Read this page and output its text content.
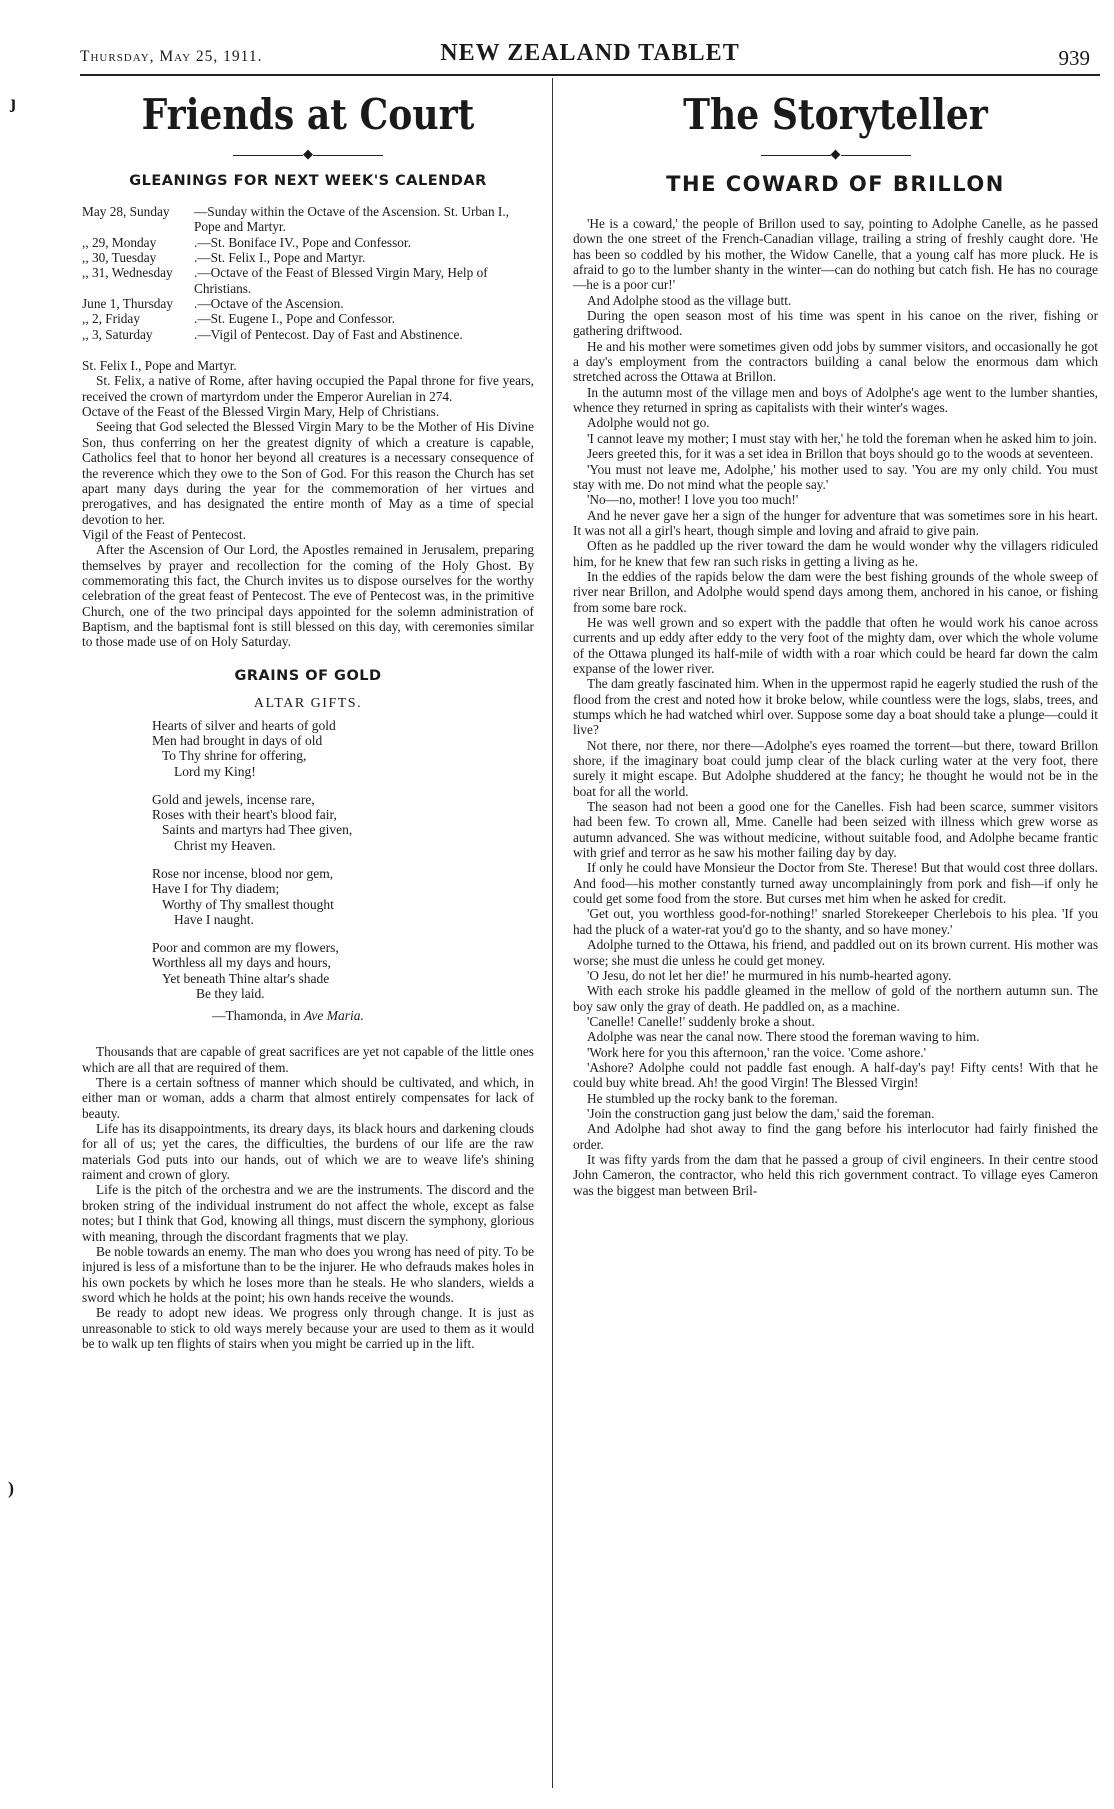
Thursday, May 25, 1911.	NEW ZEALAND TABLET	939
ȷ
)
Friends at Court
◆
GLEANINGS FOR NEXT WEEK'S CALENDAR
May 28, Sunday	—Sunday within the Octave of the Ascension. St. Urban I., Pope and Martyr.
,, 29, Monday	.—St. Boniface IV., Pope and Confessor.
,, 30, Tuesday	.—St. Felix I., Pope and Martyr.
,, 31, Wednesday	.—Octave of the Feast of Blessed Virgin Mary, Help of Christians.
June 1, Thursday	.—Octave of the Ascension.
,, 2, Friday	.—St. Eugene I., Pope and Confessor.
,, 3, Saturday	.—Vigil of Pentecost. Day of Fast and Abstinence.

St. Felix I., Pope and Martyr.

St. Felix, a native of Rome, after having occupied the Papal throne for five years, received the crown of martyrdom under the Emperor Aurelian in 274.

Octave of the Feast of the Blessed Virgin Mary, Help of Christians.

Seeing that God selected the Blessed Virgin Mary to be the Mother of His Divine Son, thus conferring on her the greatest dignity of which a creature is capable, Catholics feel that to honor her beyond all creatures is a necessary consequence of the reverence which they owe to the Son of God. For this reason the Church has set apart many days during the year for the commemoration of her virtues and prerogatives, and has designated the entire month of May as a time of special devotion to her.

Vigil of the Feast of Pentecost.

After the Ascension of Our Lord, the Apostles remained in Jerusalem, preparing themselves by prayer and recollection for the coming of the Holy Ghost. By commemorating this fact, the Church invites us to dispose ourselves for the worthy celebration of the great feast of Pentecost. The eve of Pentecost was, in the primitive Church, one of the two principal days appointed for the solemn administration of Baptism, and the baptismal font is still blessed on this day, with ceremonies similar to those made use of on Holy Saturday.

GRAINS OF GOLD
ALTAR GIFTS.
Hearts of silver and hearts of gold
Men had brought in days of old
To Thy shrine for offering,
Lord my King!
Gold and jewels, incense rare,
Roses with their heart's blood fair,
Saints and martyrs had Thee given,
Christ my Heaven.
Rose nor incense, blood nor gem,
Have I for Thy diadem;
Worthy of Thy smallest thought
Have I naught.
Poor and common are my flowers,
Worthless all my days and hours,
Yet beneath Thine altar's shade
Be they laid.
—Thamonda, in Ave Maria.

Thousands that are capable of great sacrifices are yet not capable of the little ones which are all that are required of them.

There is a certain softness of manner which should be cultivated, and which, in either man or woman, adds a charm that almost entirely compensates for lack of beauty.

Life has its disappointments, its dreary days, its black hours and darkening clouds for all of us; yet the cares, the difficulties, the burdens of our life are the raw materials God puts into our hands, out of which we are to weave life's shining raiment and crown of glory.

Life is the pitch of the orchestra and we are the instruments. The discord and the broken string of the individual instrument do not affect the whole, except as false notes; but I think that God, knowing all things, must discern the symphony, glorious with meaning, through the discordant fragments that we play.

Be noble towards an enemy. The man who does you wrong has need of pity. To be injured is less of a misfortune than to be the injurer. He who defrauds makes holes in his own pockets by which he loses more than he steals. He who slanders, wields a sword which he holds at the point; his own hands receive the wounds.

Be ready to adopt new ideas. We progress only through change. It is just as unreasonable to stick to old ways merely because your are used to them as it would be to walk up ten flights of stairs when you might be carried up in the lift.

The Storyteller
◆
THE COWARD OF BRILLON

'He is a coward,' the people of Brillon used to say, pointing to Adolphe Canelle, as he passed down the one street of the French-Canadian village, trailing a string of freshly caught dore. 'He has been so coddled by his mother, the Widow Canelle, that a young calf has more pluck. He is afraid to go to the lumber shanty in the winter—can do nothing but catch fish. He has no courage—he is a poor cur!'

And Adolphe stood as the village butt.

During the open season most of his time was spent in his canoe on the river, fishing or gathering driftwood.

He and his mother were sometimes given odd jobs by summer visitors, and occasionally he got a day's employment from the contractors building a canal below the enormous dam which stretched across the Ottawa at Brillon.

In the autumn most of the village men and boys of Adolphe's age went to the lumber shanties, whence they returned in spring as capitalists with their winter's wages.

Adolphe would not go.

'I cannot leave my mother; I must stay with her,' he told the foreman when he asked him to join.

Jeers greeted this, for it was a set idea in Brillon that boys should go to the woods at seventeen.

'You must not leave me, Adolphe,' his mother used to say. 'You are my only child. You must stay with me. Do not mind what the people say.'

'No—no, mother! I love you too much!'

And he never gave her a sign of the hunger for adventure that was sometimes sore in his heart. It was not all a girl's heart, though simple and loving and afraid to give pain.

Often as he paddled up the river toward the dam he would wonder why the villagers ridiculed him, for he knew that few ran such risks in getting a living as he.

In the eddies of the rapids below the dam were the best fishing grounds of the whole sweep of river near Brillon, and Adolphe would spend days among them, anchored in his canoe, or fishing from some bare rock.

He was well grown and so expert with the paddle that often he would work his canoe across currents and up eddy after eddy to the very foot of the mighty dam, over which the whole volume of the Ottawa plunged its half-mile of width with a roar which could be heard far down the calm expanse of the lower river.

The dam greatly fascinated him. When in the uppermost rapid he eagerly studied the rush of the flood from the crest and noted how it broke below, while countless were the logs, slabs, trees, and stumps which he had watched whirl over. Suppose some day a boat should take a plunge—could it live?

Not there, nor there, nor there—Adolphe's eyes roamed the torrent—but there, toward Brillon shore, if the imaginary boat could jump clear of the black curling water at the very foot, there surely it might escape. But Adolphe shuddered at the fancy; he thought he would not be in the boat for all the world.

The season had not been a good one for the Canelles. Fish had been scarce, summer visitors had been few. To crown all, Mme. Canelle had been seized with illness which grew worse as autumn advanced. She was without medicine, without suitable food, and Adolphe became frantic with grief and terror as he saw his mother failing day by day.

If only he could have Monsieur the Doctor from Ste. Therese! But that would cost three dollars. And food—his mother constantly turned away uncomplainingly from pork and fish—if only he could get some food from the store. But curses met him when he asked for credit.

'Get out, you worthless good-for-nothing!' snarled Storekeeper Cherlebois to his plea. 'If you had the pluck of a water-rat you'd go to the shanty, and so have money.'

Adolphe turned to the Ottawa, his friend, and paddled out on its brown current. His mother was worse; she must die unless he could get money.

'O Jesu, do not let her die!' he murmured in his numb-hearted agony.

With each stroke his paddle gleamed in the mellow of gold of the northern autumn sun. The boy saw only the gray of death. He paddled on, as a machine.

'Canelle! Canelle!' suddenly broke a shout.

Adolphe was near the canal now. There stood the foreman waving to him.

'Work here for you this afternoon,' ran the voice. 'Come ashore.'

'Ashore? Adolphe could not paddle fast enough. A half-day's pay! Fifty cents! With that he could buy white bread. Ah! the good Virgin! The Blessed Virgin!

He stumbled up the rocky bank to the foreman.

'Join the construction gang just below the dam,' said the foreman.

And Adolphe had shot away to find the gang before his interlocutor had fairly finished the order.

It was fifty yards from the dam that he passed a group of civil engineers. In their centre stood John Cameron, the contractor, who held this rich government contract. To village eyes Cameron was the biggest man between Bril-
